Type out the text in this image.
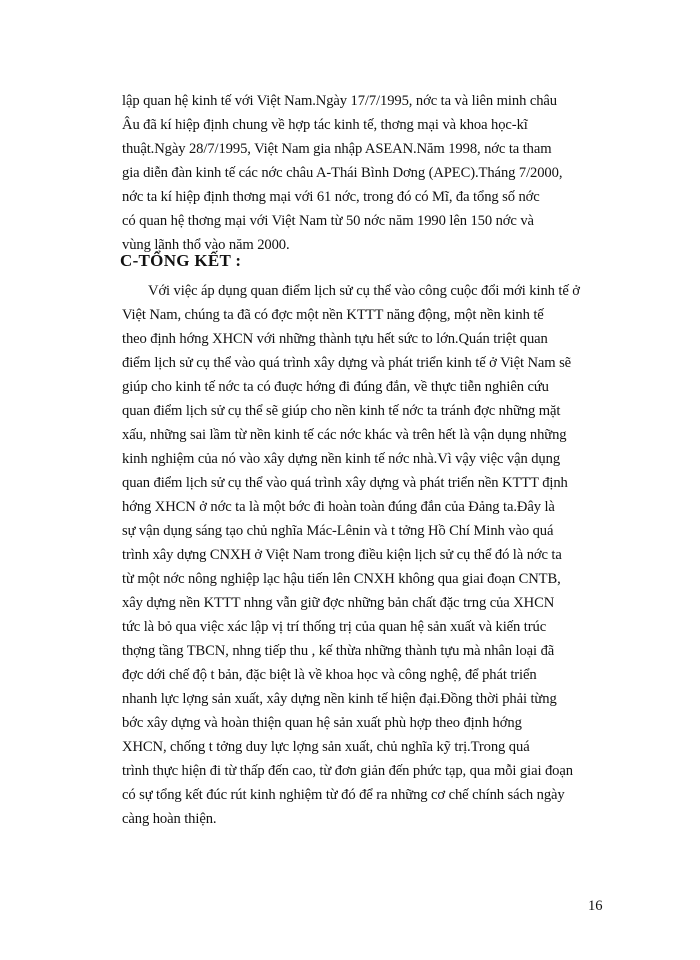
lập quan hệ kinh tế với Việt Nam.Ngày 17/7/1995, nớc ta và liên minh châu
Âu đã kí hiệp định chung về hợp tác kinh tế, thơng mại và khoa học-kĩ
thuật.Ngày 28/7/1995, Việt Nam gia nhập ASEAN.Năm 1998, nớc ta tham
gia diễn đàn kinh tế các nớc châu A-Thái Bình Dơng (APEC).Tháng 7/2000,
nớc ta kí hiệp định thơng mại với 61 nớc, trong đó có Mĩ, đa tổng số nớc
có quan hệ thơng mại với Việt Nam từ 50 nớc năm 1990 lên 150 nớc và
vùng lãnh thổ vào năm 2000.
C-TỔNG KẾT :
Với việc áp dụng quan điểm lịch sử cụ thể vào công cuộc đổi mới kinh tế ở
Việt Nam, chúng ta đã có đợc một nền KTTT năng động, một nền kinh tế
theo định hớng XHCN với những thành tựu hết sức to lớn.Quán triệt quan
điểm lịch sử cụ thể vào quá trình xây dựng và phát triển kinh tế ở Việt Nam sẽ
giúp cho kinh tế nớc ta có đuợc hớng đi đúng đắn, về thực tiễn nghiên cứu
quan điểm lịch sử cụ thể sẽ giúp cho nền kinh tế nớc ta tránh đợc những mặt
xấu, những sai lầm từ nền kinh tế các nớc khác và trên hết là vận dụng những
kinh nghiệm của nó vào xây dựng nền kinh tế nớc nhà.Vì vậy việc vận dụng
quan điểm lịch sử cụ thể vào quá trình xây dựng và phát triển nền KTTT định
hớng XHCN ở nớc ta là một bớc đi hoàn toàn đúng đắn của Đảng ta.Đây là
sự vận dụng sáng tạo chủ nghĩa Mác-Lênin và t tởng Hồ Chí Minh vào quá
trình xây dựng CNXH ở Việt Nam trong điều kiện lịch sử cụ thể đó là nớc ta
từ một nớc nông nghiệp lạc hậu tiến lên CNXH không qua giai đoạn CNTB,
xây dựng nền KTTT nhng vẫn giữ đợc những bản chất đặc trng của XHCN
tức là bỏ qua việc xác lập vị trí thống trị của quan hệ sản xuất và kiến trúc
thợng tầng TBCN, nhng tiếp thu , kế thừa những thành tựu mà nhân loại đã
đợc dới chế độ t bản, đặc biệt là về khoa học và công nghệ, để phát triển
nhanh lực lợng sản xuất, xây dựng nền kinh tế hiện đại.Đồng thời phải từng
bớc xây dựng và hoàn thiện quan hệ sản xuất phù hợp theo định hớng
XHCN, chống t tởng duy lực lợng sản xuất, chủ nghĩa kỹ trị.Trong quá
trình thực hiện đi từ thấp đến cao, từ đơn giản đến phức tạp, qua mỗi giai đoạn
có sự tổng kết đúc rút kinh nghiệm từ đó để ra những cơ chế chính sách ngày
càng hoàn thiện.
16
